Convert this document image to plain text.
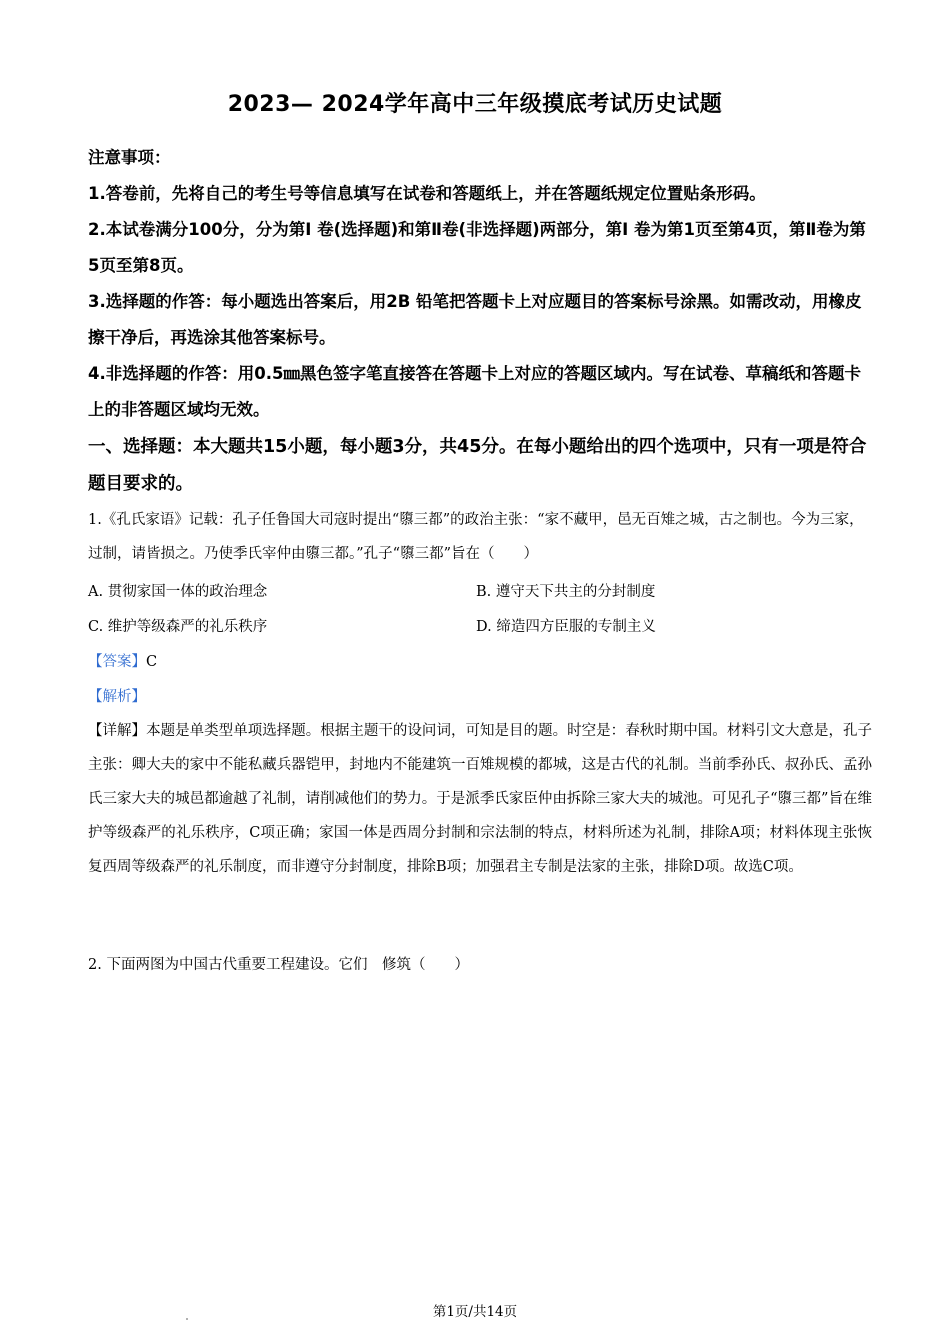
2023— 2024学年高中三年级摸底考试历史试题

注意事项：

1.答卷前，先将自己的考生号等信息填写在试卷和答题纸上，并在答题纸规定位置贴条形码。

2.本试卷满分100分，分为第Ⅰ 卷(选择题)和第Ⅱ卷(非选择题)两部分，第Ⅰ 卷为第1页至第4页，第Ⅱ卷为第5页至第8页。

3.选择题的作答：每小题选出答案后，用2B 铅笔把答题卡上对应题目的答案标号涂黑。如需改动，用橡皮擦干净后，再选涂其他答案标号。

4.非选择题的作答：用0.5㎜黑色签字笔直接答在答题卡上对应的答题区域内。写在试卷、草稿纸和答题卡上的非答题区域均无效。

一、选择题：本大题共15小题，每小题3分，共45分。在每小题给出的四个选项中，只有一项是符合题目要求的。

1.《孔氏家语》记载：孔子任鲁国大司寇时提出“隳三都”的政治主张：“家不藏甲，邑无百雉之城，古之制也。今为三家，过制，请皆损之。乃使季氏宰仲由隳三都。”孔子“隳三都”旨在（　　）

A. 贯彻家国一体的政治理念	B. 遵守天下共主的分封制度
C. 维护等级森严的礼乐秩序	D. 缔造四方臣服的专制主义
【答案】C
【解析】

【详解】本题是单类型单项选择题。根据主题干的设问词，可知是目的题。时空是：春秋时期中国。材料引文大意是，孔子主张：卿大夫的家中不能私藏兵器铠甲，封地内不能建筑一百雉规模的都城，这是古代的礼制。当前季孙氏、叔孙氏、孟孙氏三家大夫的城邑都逾越了礼制，请削减他们的势力。于是派季氏家臣仲由拆除三家大夫的城池。可见孔子“隳三都”旨在维护等级森严的礼乐秩序，C项正确；家国一体是西周分封制和宗法制的特点，材料所述为礼制，排除A项；材料体现主张恢复西周等级森严的礼乐制度，而非遵守分封制度，排除B项；加强君主专制是法家的主张，排除D项。故选C项。

2. 下面两图为中国古代重要工程建设。它们　修筑（　　）

第1页/共14页
